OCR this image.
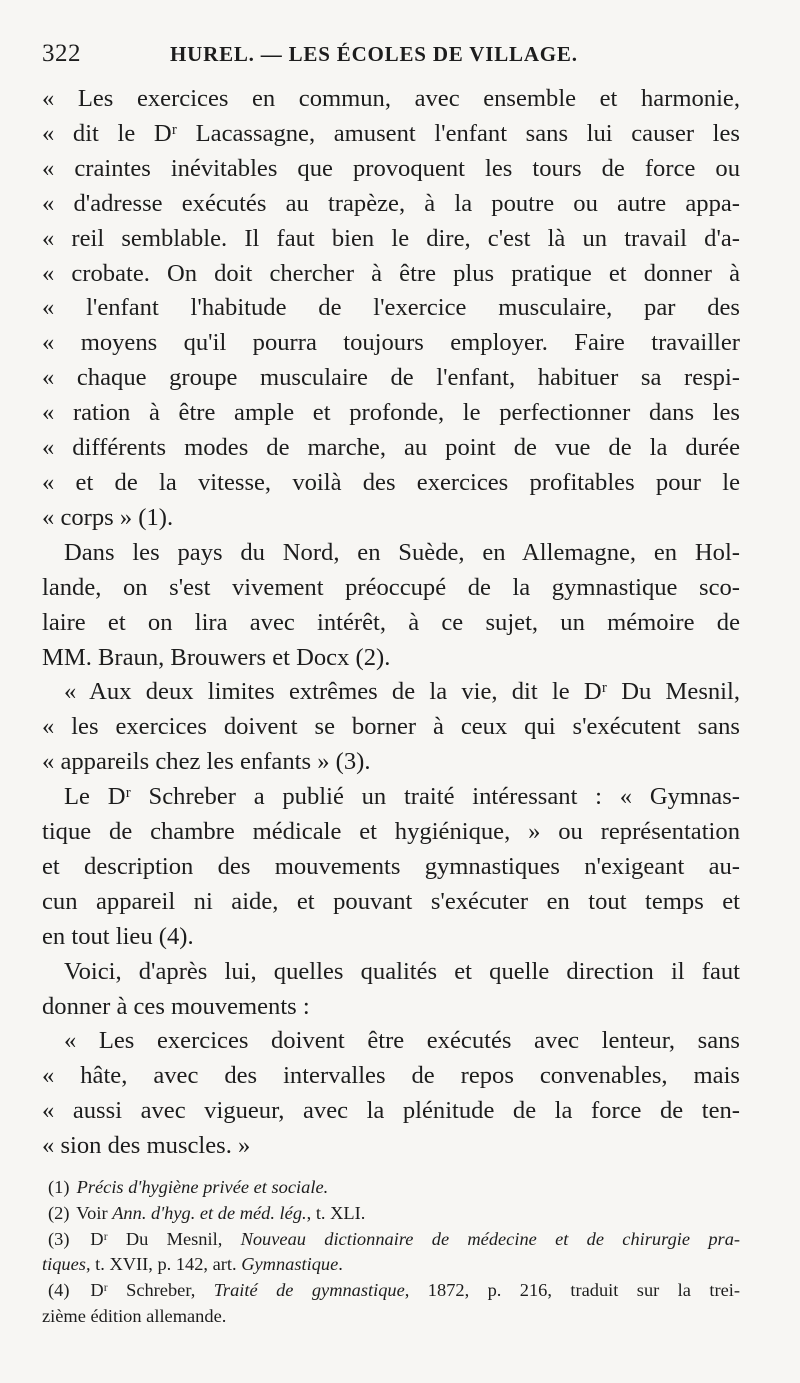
322	HUREL. — LES ÉCOLES DE VILLAGE.
« Les exercices en commun, avec ensemble et harmonie,
« dit le Dʳ Lacassagne, amusent l'enfant sans lui causer les
« craintes inévitables que provoquent les tours de force ou
« d'adresse exécutés au trapèze, à la poutre ou autre appa-
« reil semblable. Il faut bien le dire, c'est là un travail d'a-
« crobate. On doit chercher à être plus pratique et donner à
« l'enfant l'habitude de l'exercice musculaire, par des
« moyens qu'il pourra toujours employer. Faire travailler
« chaque groupe musculaire de l'enfant, habituer sa respi-
« ration à être ample et profonde, le perfectionner dans les
« différents modes de marche, au point de vue de la durée
« et de la vitesse, voilà des exercices profitables pour le
« corps » (1).
Dans les pays du Nord, en Suède, en Allemagne, en Hol-
lande, on s'est vivement préoccupé de la gymnastique sco-
laire et on lira avec intérêt, à ce sujet, un mémoire de
MM. Braun, Brouwers et Docx (2).
« Aux deux limites extrêmes de la vie, dit le Dʳ Du Mesnil,
« les exercices doivent se borner à ceux qui s'exécutent sans
« appareils chez les enfants » (3).
Le Dʳ Schreber a publié un traité intéressant : « Gymnas-
tique de chambre médicale et hygiénique, » ou représentation
et description des mouvements gymnastiques n'exigeant au-
cun appareil ni aide, et pouvant s'exécuter en tout temps et
en tout lieu (4).
Voici, d'après lui, quelles qualités et quelle direction il faut
donner à ces mouvements :
« Les exercices doivent être exécutés avec lenteur, sans
« hâte, avec des intervalles de repos convenables, mais
« aussi avec vigueur, avec la plénitude de la force de ten-
« sion des muscles. »
(1) Précis d'hygiène privée et sociale.
(2) Voir Ann. d'hyg. et de méd. lég., t. XLI.
(3) Dʳ Du Mesnil, Nouveau dictionnaire de médecine et de chirurgie pra-
tiques, t. XVII, p. 142, art. Gymnastique.
(4) Dʳ Schreber, Traité de gymnastique, 1872, p. 216, traduit sur la trei-
zième édition allemande.
